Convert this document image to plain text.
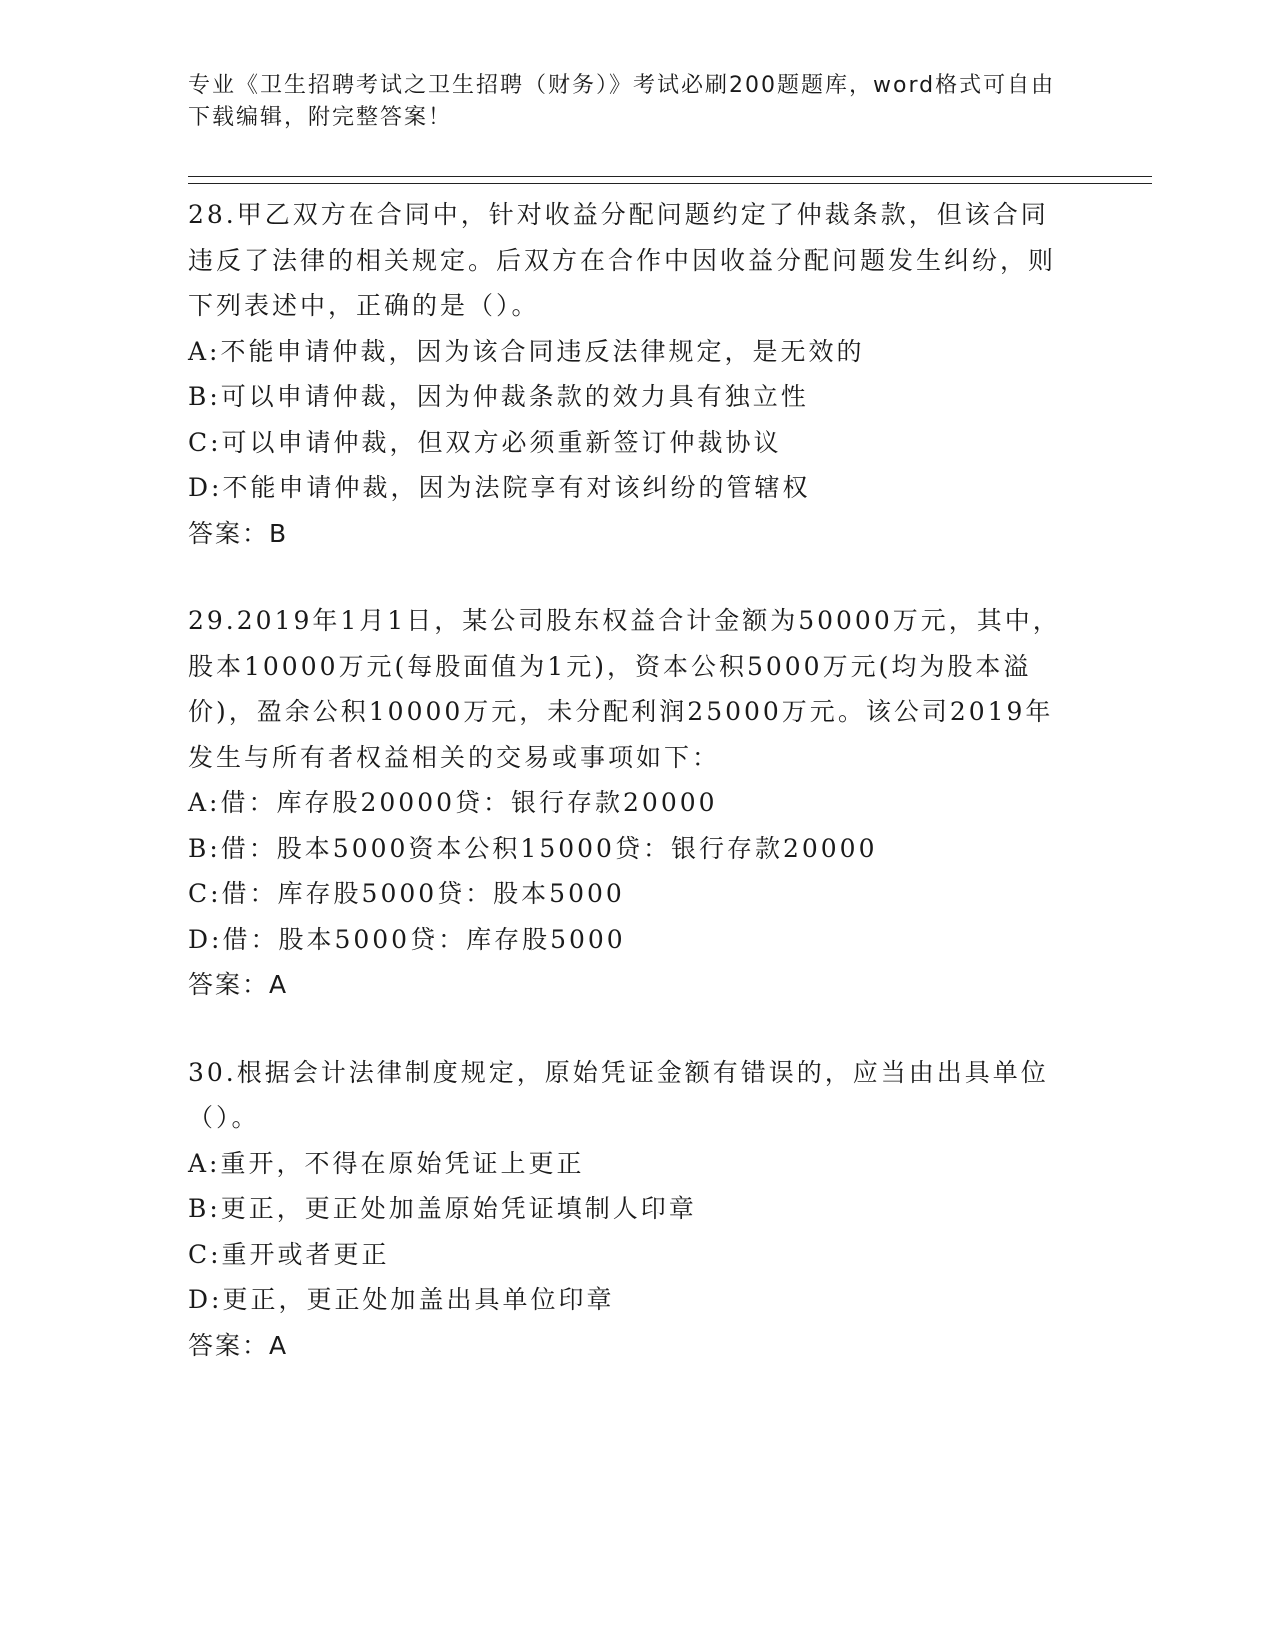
专业《卫生招聘考试之卫生招聘（财务）》考试必刷200题题库，word格式可自由下载编辑，附完整答案！

28.甲乙双方在合同中，针对收益分配问题约定了仲裁条款，但该合同违反了法律的相关规定。后双方在合作中因收益分配问题发生纠纷，则下列表述中，正确的是（）。

A:不能申请仲裁，因为该合同违反法律规定，是无效的

B:可以申请仲裁，因为仲裁条款的效力具有独立性

C:可以申请仲裁，但双方必须重新签订仲裁协议

D:不能申请仲裁，因为法院享有对该纠纷的管辖权

答案：B

29.2019年1月1日，某公司股东权益合计金额为50000万元，其中，股本10000万元(每股面值为1元)，资本公积5000万元(均为股本溢价)，盈余公积10000万元，未分配利润25000万元。该公司2019年发生与所有者权益相关的交易或事项如下：

A:借：库存股20000贷：银行存款20000

B:借：股本5000资本公积15000贷：银行存款20000

C:借：库存股5000贷：股本5000

D:借：股本5000贷：库存股5000

答案：A

30.根据会计法律制度规定，原始凭证金额有错误的，应当由出具单位（）。

A:重开，不得在原始凭证上更正

B:更正，更正处加盖原始凭证填制人印章

C:重开或者更正

D:更正，更正处加盖出具单位印章

答案：A
